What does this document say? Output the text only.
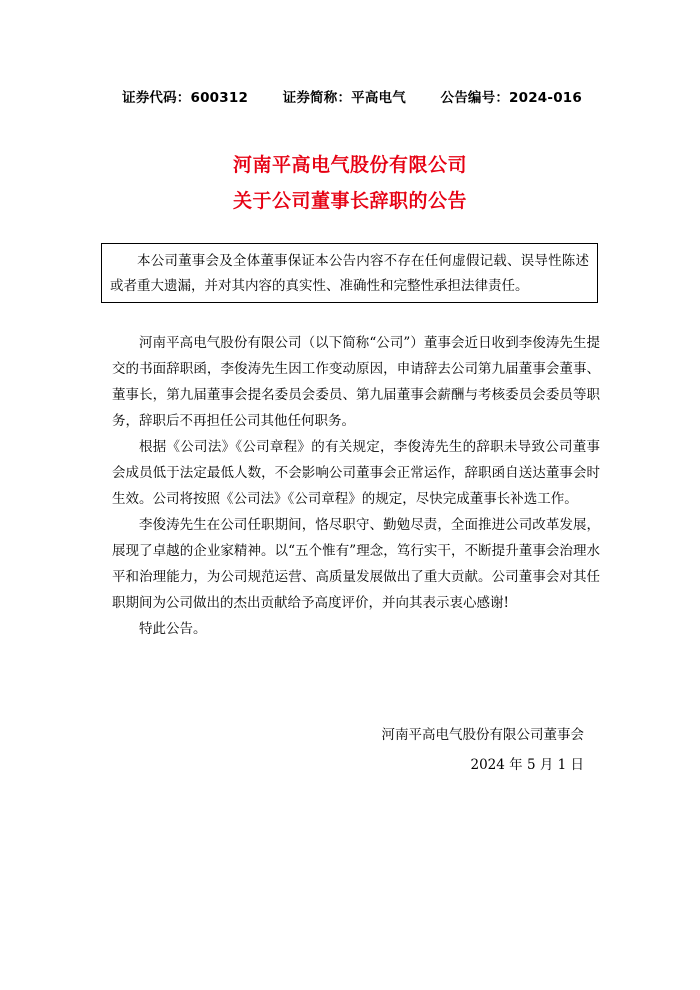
证券代码：600312	证券简称：平高电气	公告编号：2024-016
河南平高电气股份有限公司
关于公司董事长辞职的公告
本公司董事会及全体董事保证本公告内容不存在任何虚假记载、误导性陈述或者重大遗漏，并对其内容的真实性、准确性和完整性承担法律责任。

河南平高电气股份有限公司（以下简称“公司”）董事会近日收到李俊涛先生提交的书面辞职函，李俊涛先生因工作变动原因，申请辞去公司第九届董事会董事、董事长，第九届董事会提名委员会委员、第九届董事会薪酬与考核委员会委员等职务，辞职后不再担任公司其他任何职务。

根据《公司法》《公司章程》的有关规定，李俊涛先生的辞职未导致公司董事会成员低于法定最低人数，不会影响公司董事会正常运作，辞职函自送达董事会时生效。公司将按照《公司法》《公司章程》的规定，尽快完成董事长补选工作。

李俊涛先生在公司任职期间，恪尽职守、勤勉尽责，全面推进公司改革发展，展现了卓越的企业家精神。以“五个惟有”理念，笃行实干，不断提升董事会治理水平和治理能力，为公司规范运营、高质量发展做出了重大贡献。公司董事会对其任职期间为公司做出的杰出贡献给予高度评价，并向其表示衷心感谢!

特此公告。

河南平高电气股份有限公司董事会
2024 年 5 月 1 日
